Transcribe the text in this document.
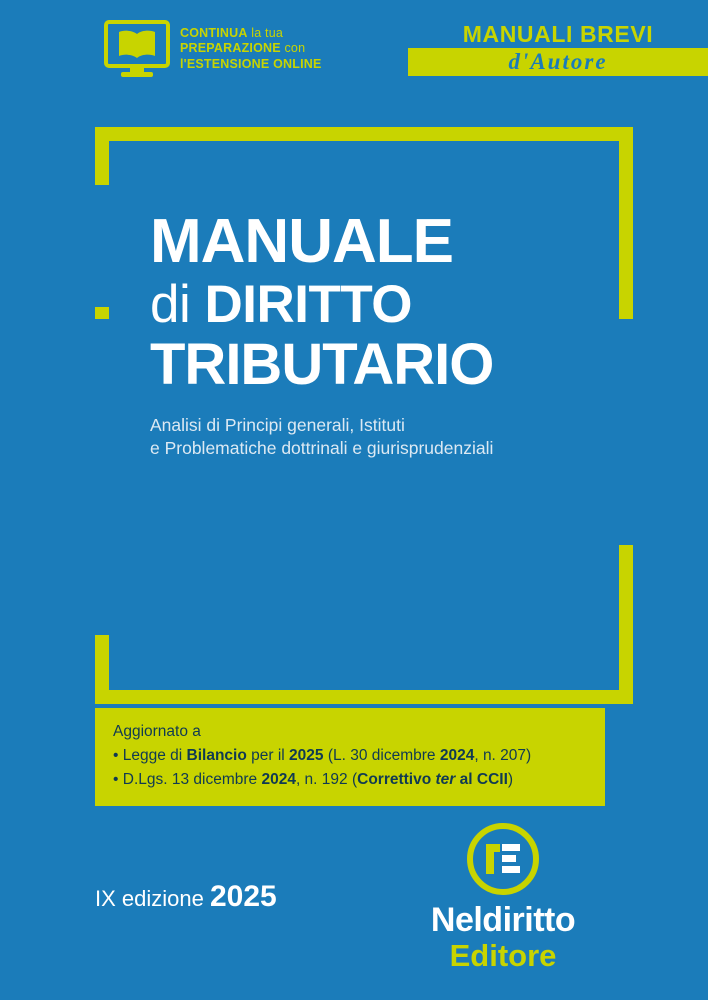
CONTINUA la tua
PREPARAZIONE con
l'ESTENSIONE ONLINE
MANUALI BREVI
d'Autore
MANUALE
di DIRITTO
TRIBUTARIO
Analisi di Principi generali, Istituti
e Problematiche dottrinali e giurisprudenziali
Aggiornato a
• Legge di Bilancio per il 2025 (L. 30 dicembre 2024, n. 207)
• D.Lgs. 13 dicembre 2024, n. 192 (Correttivo ter al CCII)
IX edizione 2025
Neldiritto
Editore
